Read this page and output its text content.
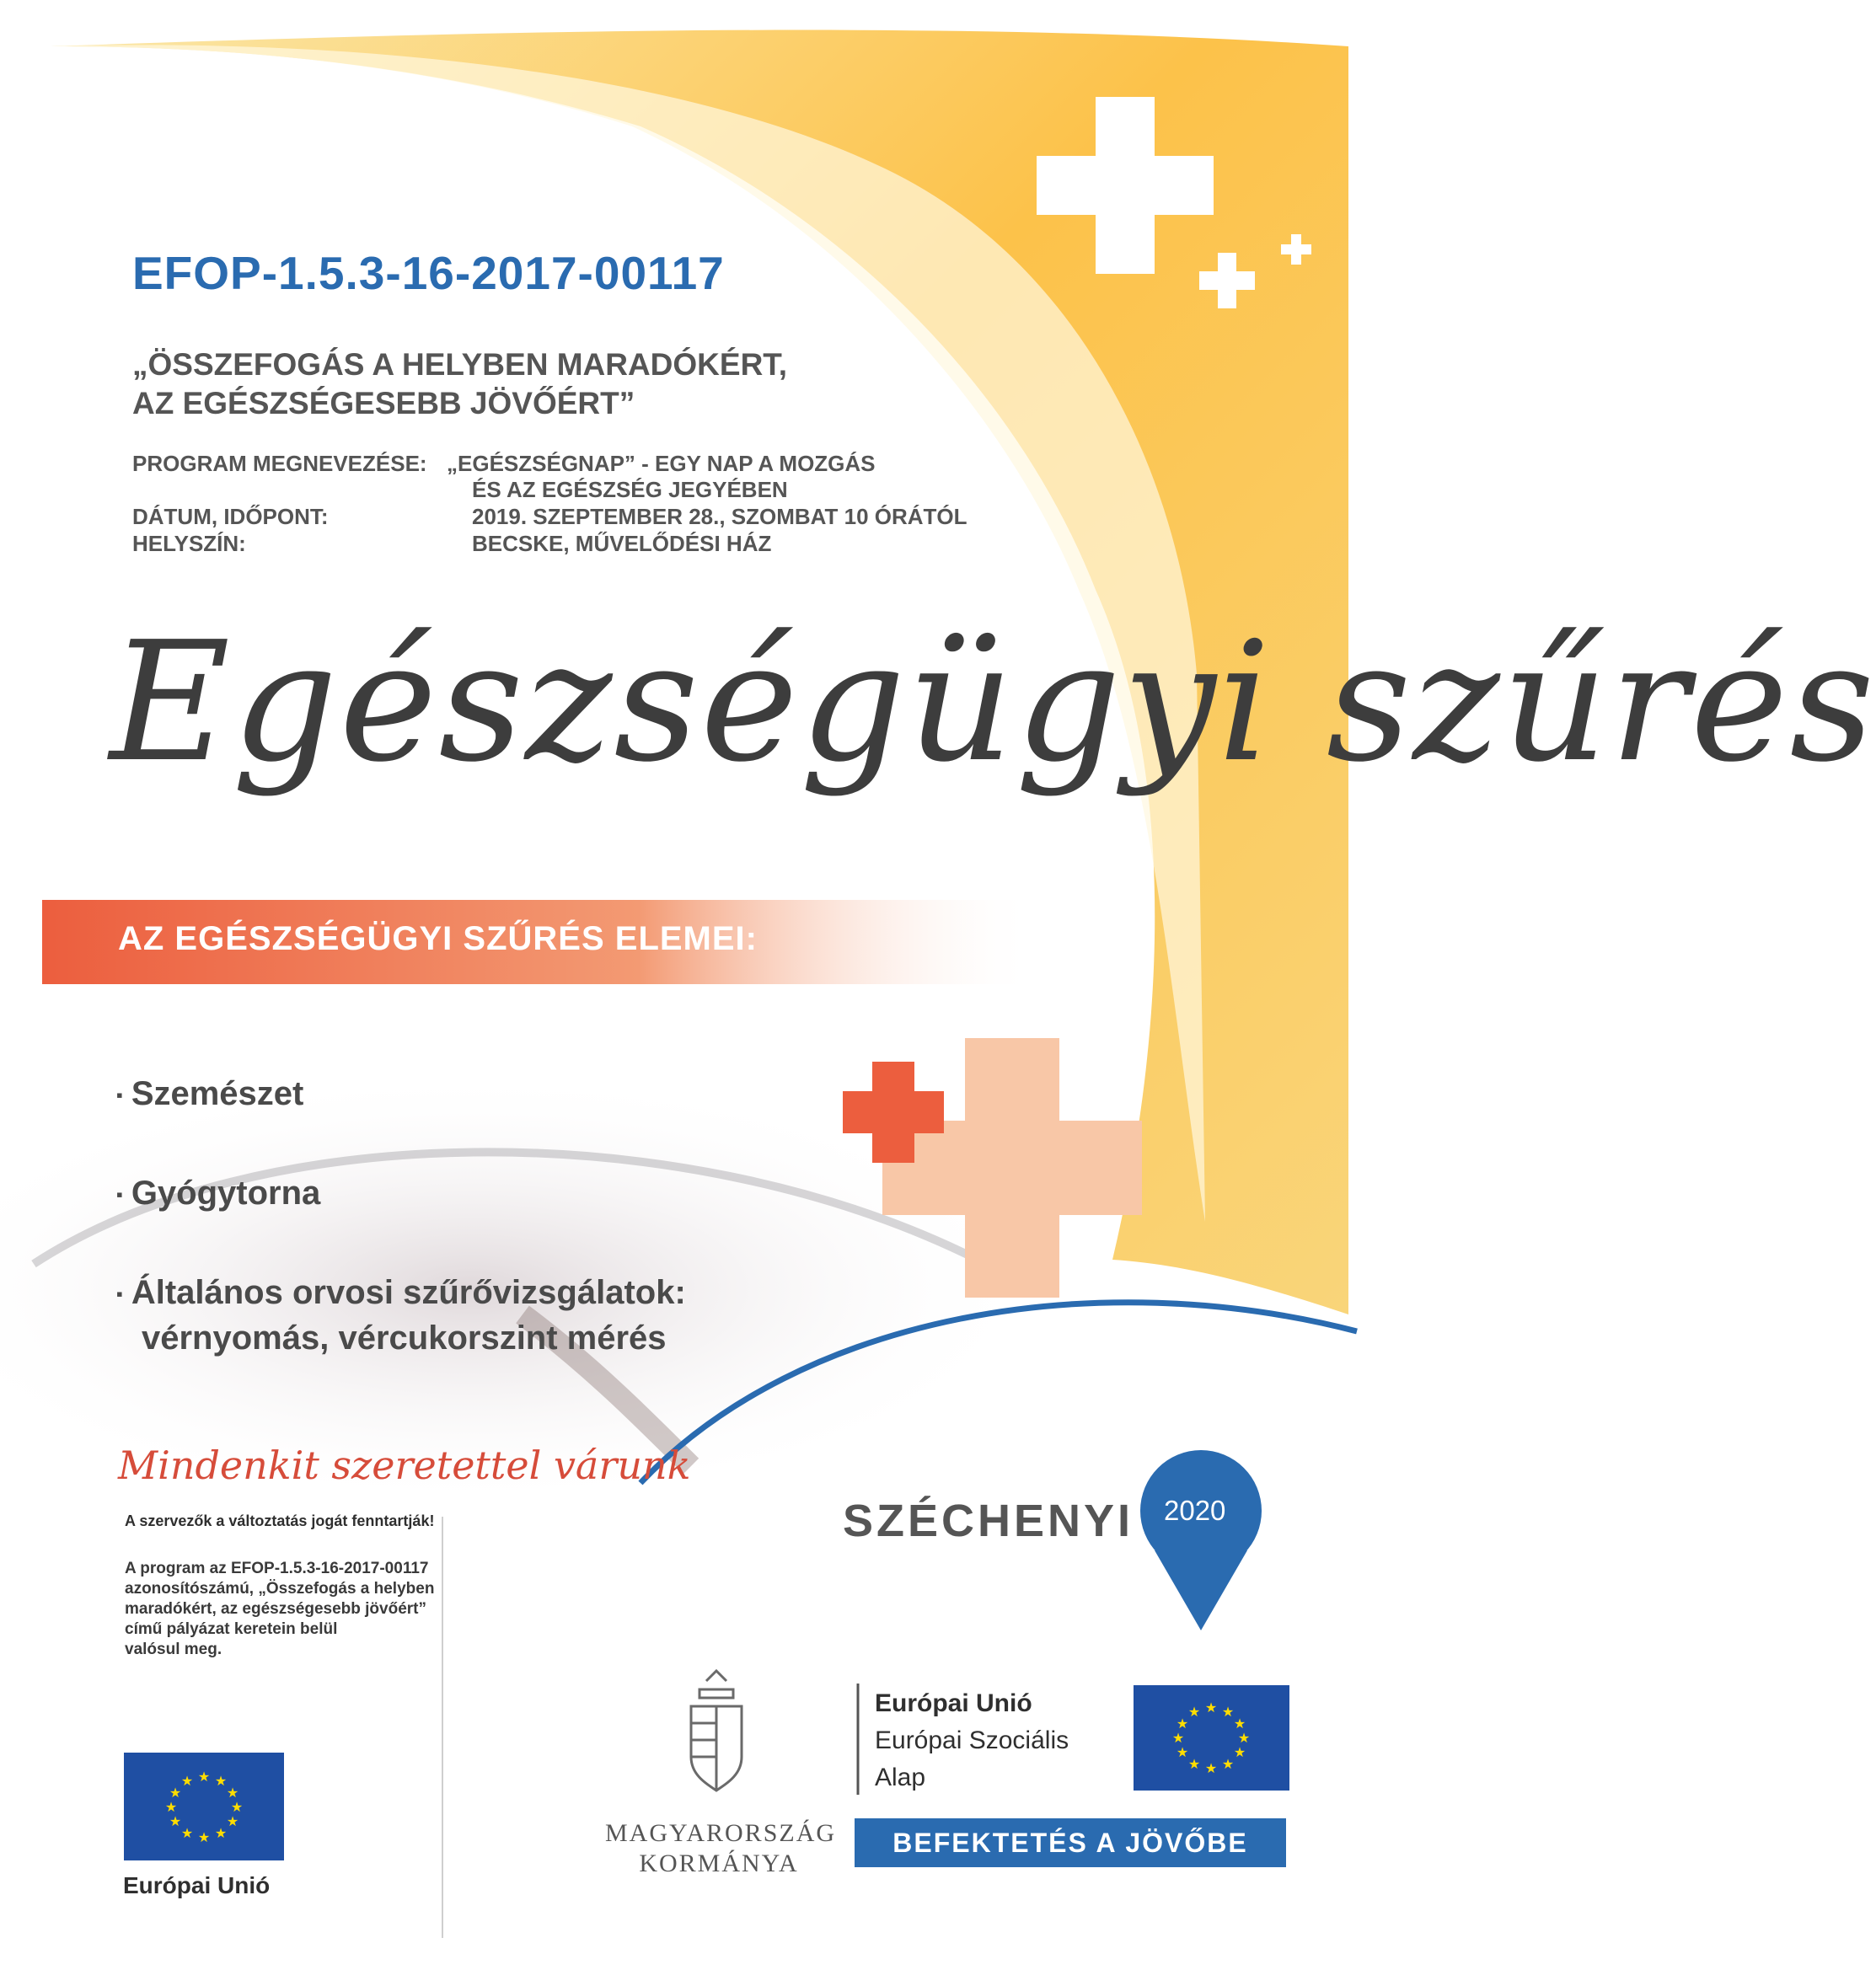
★ ★
★
★
★
★
★
★
★
★
★
★
★ ★
★
★
★
★
★
★
★
★
★
★
EFOP-1.5.3-16-2017-00117
„ÖSSZEFOGÁS A HELYBEN MARADÓKÉRT,
AZ EGÉSZSÉGESEBB JÖVŐÉRT”
PROGRAM MEGNEVEZÉSE: „EGÉSZSÉGNAP” - EGY NAP A MOZGÁS
ÉS AZ EGÉSZSÉG JEGYÉBEN
DÁTUM, IDŐPONT:	2019. SZEPTEMBER 28., SZOMBAT 10 ÓRÁTÓL
HELYSZÍN:	BECSKE, MŰVELŐDÉSI HÁZ
Egészségügyi szűrés
AZ EGÉSZSÉGÜGYI SZŰRÉS ELEMEI:
▪ Szemészet
▪ Gyógytorna
▪ Általános orvosi szűrővizsgálatok:
vérnyomás, vércukorszint mérés
Mindenkit szeretettel várunk
A szervezők a változtatás jogát fenntartják!
A program az EFOP-1.5.3-16-2017-00117
azonosítószámú, „Összefogás a helyben
maradókért, az egészségesebb jövőért”
című pályázat keretein belül
valósul meg.
SZÉCHENYI 2020
Európai Unió
MAGYARORSZÁG
KORMÁNYA
Európai Unió
Európai Szociális
Alap
BEFEKTETÉS A JÖVŐBE
